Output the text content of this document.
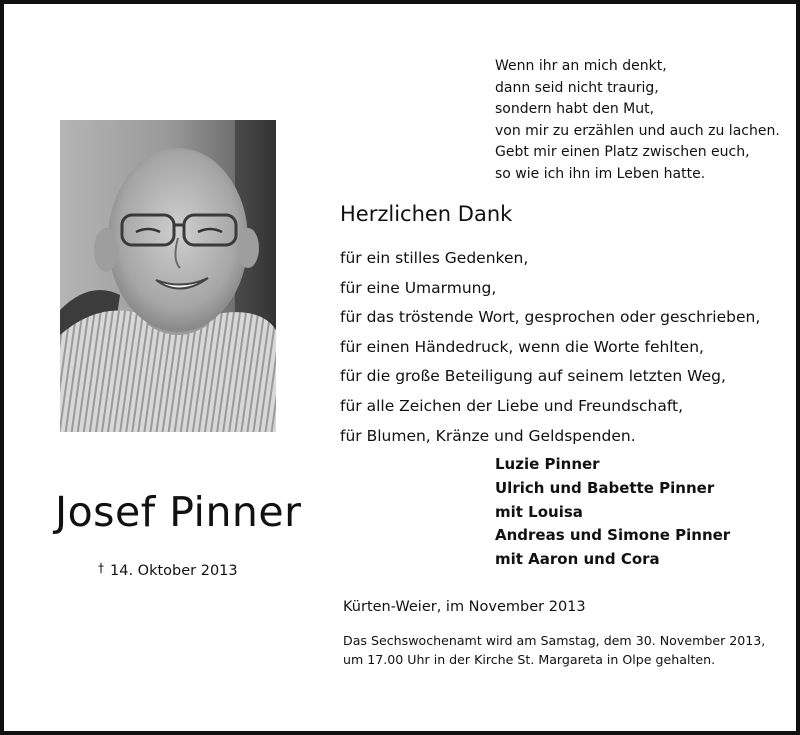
Wenn ihr an mich denkt,
dann seid nicht traurig,
sondern habt den Mut,
von mir zu erzählen und auch zu lachen.
Gebt mir einen Platz zwischen euch,
so wie ich ihn im Leben hatte.
Herzlichen Dank
für ein stilles Gedenken,
für eine Umarmung,
für das tröstende Wort, gesprochen oder geschrieben,
für einen Händedruck, wenn die Worte fehlten,
für die große Beteiligung auf seinem letzten Weg,
für alle Zeichen der Liebe und Freundschaft,
für Blumen, Kränze und Geldspenden.
Josef Pinner
† 14. Oktober 2013
Luzie Pinner
Ulrich und Babette Pinner
mit Louisa
Andreas und Simone Pinner
mit Aaron und Cora
Kürten-Weier, im November 2013
Das Sechswochenamt wird am Samstag, dem 30. November 2013,
um 17.00 Uhr in der Kirche St. Margareta in Olpe gehalten.
